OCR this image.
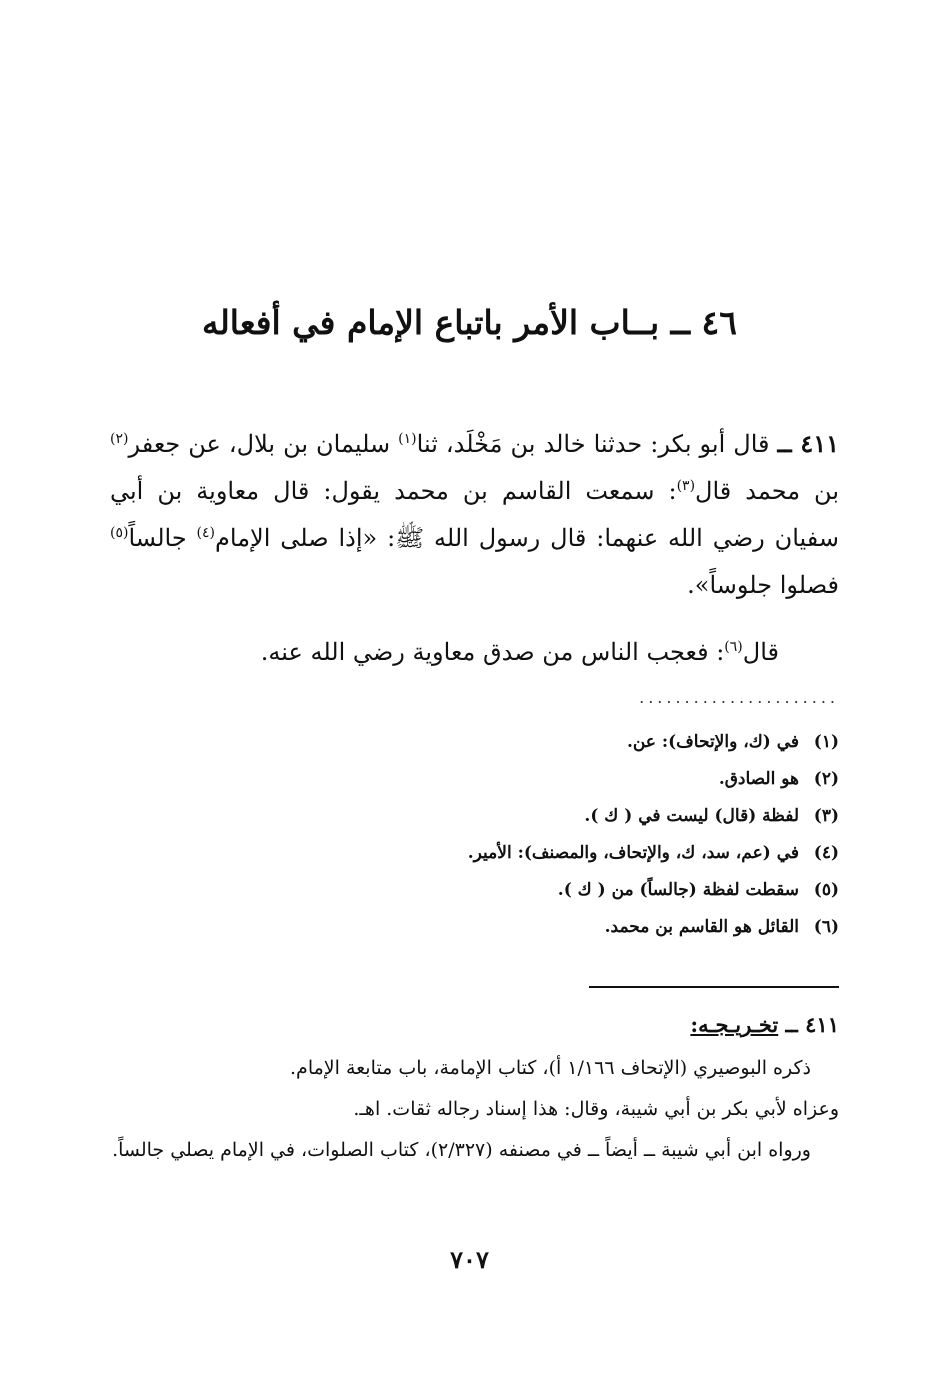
٤٦ ــ بــاب الأمر باتباع الإمام في أفعاله

٤١١ ــ قال أبو بكر: حدثنا خالد بن مَخْلَد، ثنا$^{(١)}$ سليمان بن بلال، عن جعفر$^{(٢)}$ بن محمد قال$^{(٣)}$: سمعت القاسم بن محمد يقول: قال معاوية بن أبي سفيان رضي الله عنهما: قال رسول الله ﷺ: «إذا صلى الإمام$^{(٤)}$ جالساً$^{(٥)}$ فصلوا جلوساً».

قال$^{(٦)}$: فعجب الناس من صدق معاوية رضي الله عنه.

......................
(١)
في (ك، والإتحاف): عن.
(٢)
هو الصادق.
(٣)
لفظة (قال) ليست في ( ك ).
(٤)
في (عم، سد، ك، والإتحاف، والمصنف): الأمير.
(٥)
سقطت لفظة (جالساً) من ( ك ).
(٦)
القائل هو القاسم بن محمد.
٤١١ ــ تخـريـجـه:

ذكره البوصيري (الإتحاف ١/١٦٦ أ)، كتاب الإمامة، باب متابعة الإمام.

وعزاه لأبي بكر بن أبي شيبة، وقال: هذا إسناد رجاله ثقات. اهـ.

ورواه ابن أبي شيبة ــ أيضاً ــ في مصنفه (٢/٣٢٧)، كتاب الصلوات، في الإمام يصلي جالساً.

٧٠٧
